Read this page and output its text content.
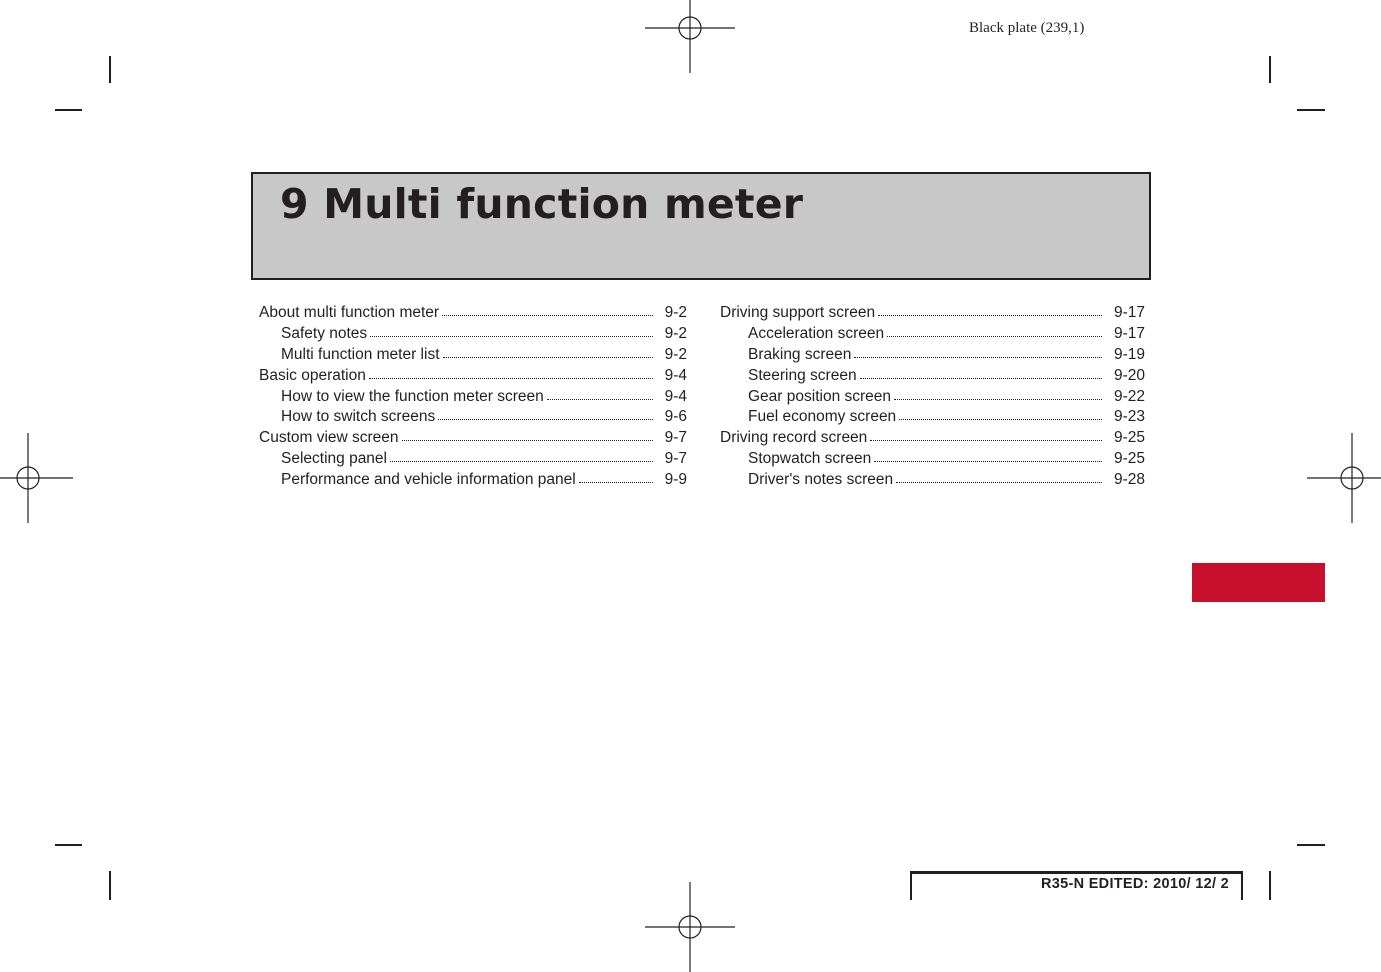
Black plate (239,1)
9 Multi function meter
About multi function meter	9-2
Safety notes	9-2
Multi function meter list	9-2
Basic operation	9-4
How to view the function meter screen	9-4
How to switch screens	9-6
Custom view screen	9-7
Selecting panel	9-7
Performance and vehicle information panel	9-9
Driving support screen	9-17
Acceleration screen	9-17
Braking screen	9-19
Steering screen	9-20
Gear position screen	9-22
Fuel economy screen	9-23
Driving record screen	9-25
Stopwatch screen	9-25
Driver's notes screen	9-28
R35-N EDITED: 2010/ 12/ 2
